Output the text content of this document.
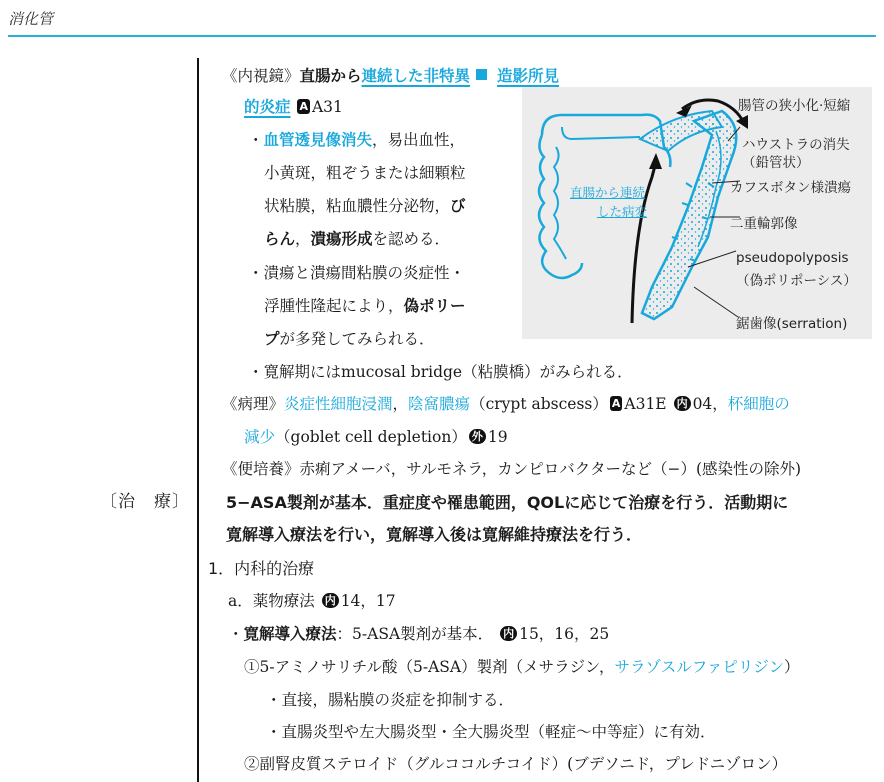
消化管
〔治　療〕
《内視鏡》直腸から連続した非特異 造影所見
的炎症 A A31
・血管透見像消失，易出血性，
小黄斑，粗ぞうまたは細顆粒
状粘膜，粘血膿性分泌物，び
らん，潰瘍形成を認める．
・潰瘍と潰瘍間粘膜の炎症性・
浮腫性隆起により，偽ポリー
プが多発してみられる．
・寛解期にはmucosal bridge（粘膜橋）がみられる．
腸管の狭小化·短縮
ハウストラの消失
（鉛管状）
カフスボタン様潰瘍
二重輪郭像
pseudopolyposis
（偽ポリポーシス）
鋸歯像(serration)
直腸から連続
した病変
《病理》炎症性細胞浸潤，陰窩膿瘍（crypt abscess） A A31E 内 04，杯細胞の
減少（goblet cell depletion） 外 19
《便培養》赤痢アメーバ，サルモネラ，カンピロバクターなど（−）(感染性の除外)
5−ASA製剤が基本．重症度や罹患範囲，QOLに応じて治療を行う．活動期に
寛解導入療法を行い，寛解導入後は寛解維持療法を行う．
1．内科的治療
a．薬物療法 内 14，17
・寛解導入療法：5-ASA製剤が基本． 内 15，16，25
①5-アミノサリチル酸（5-ASA）製剤（メサラジン，サラゾスルファピリジン）
・直接，腸粘膜の炎症を抑制する．
・直腸炎型や左大腸炎型・全大腸炎型（軽症〜中等症）に有効．
②副腎皮質ステロイド（グルココルチコイド）(ブデソニド，プレドニゾロン）
